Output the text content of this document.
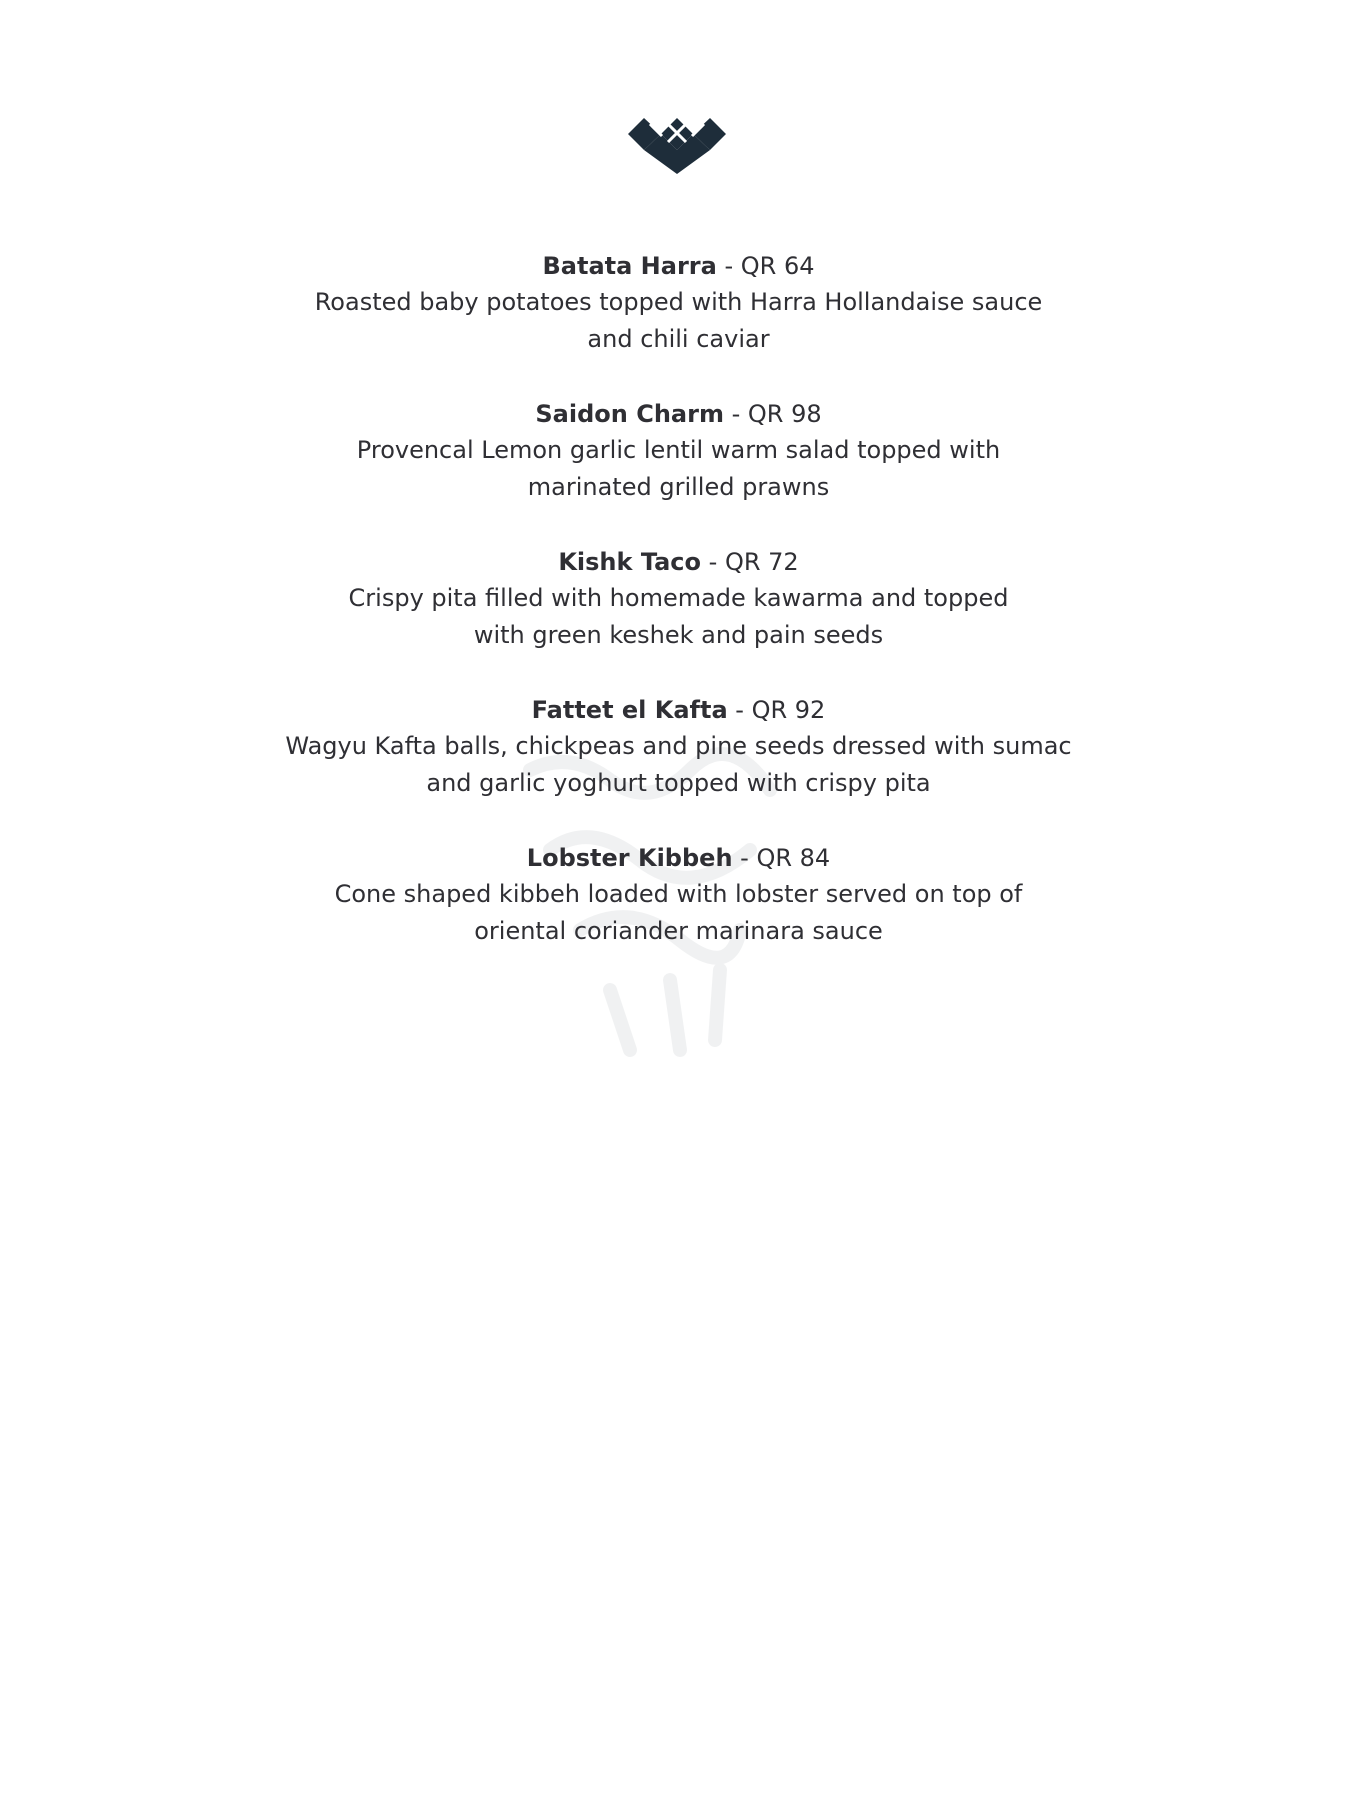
Batata Harra - QR 64

Roasted baby potatoes topped with Harra Hollandaise sauce
and chili caviar

Saidon Charm - QR 98

Provencal Lemon garlic lentil warm salad topped with
marinated grilled prawns

Kishk Taco - QR 72

Crispy pita filled with homemade kawarma and topped
with green keshek and pain seeds

Fattet el Kafta - QR 92

Wagyu Kafta balls, chickpeas and pine seeds dressed with sumac
and garlic yoghurt topped with crispy pita

Lobster Kibbeh - QR 84

Cone shaped kibbeh loaded with lobster served on top of
oriental coriander marinara sauce
